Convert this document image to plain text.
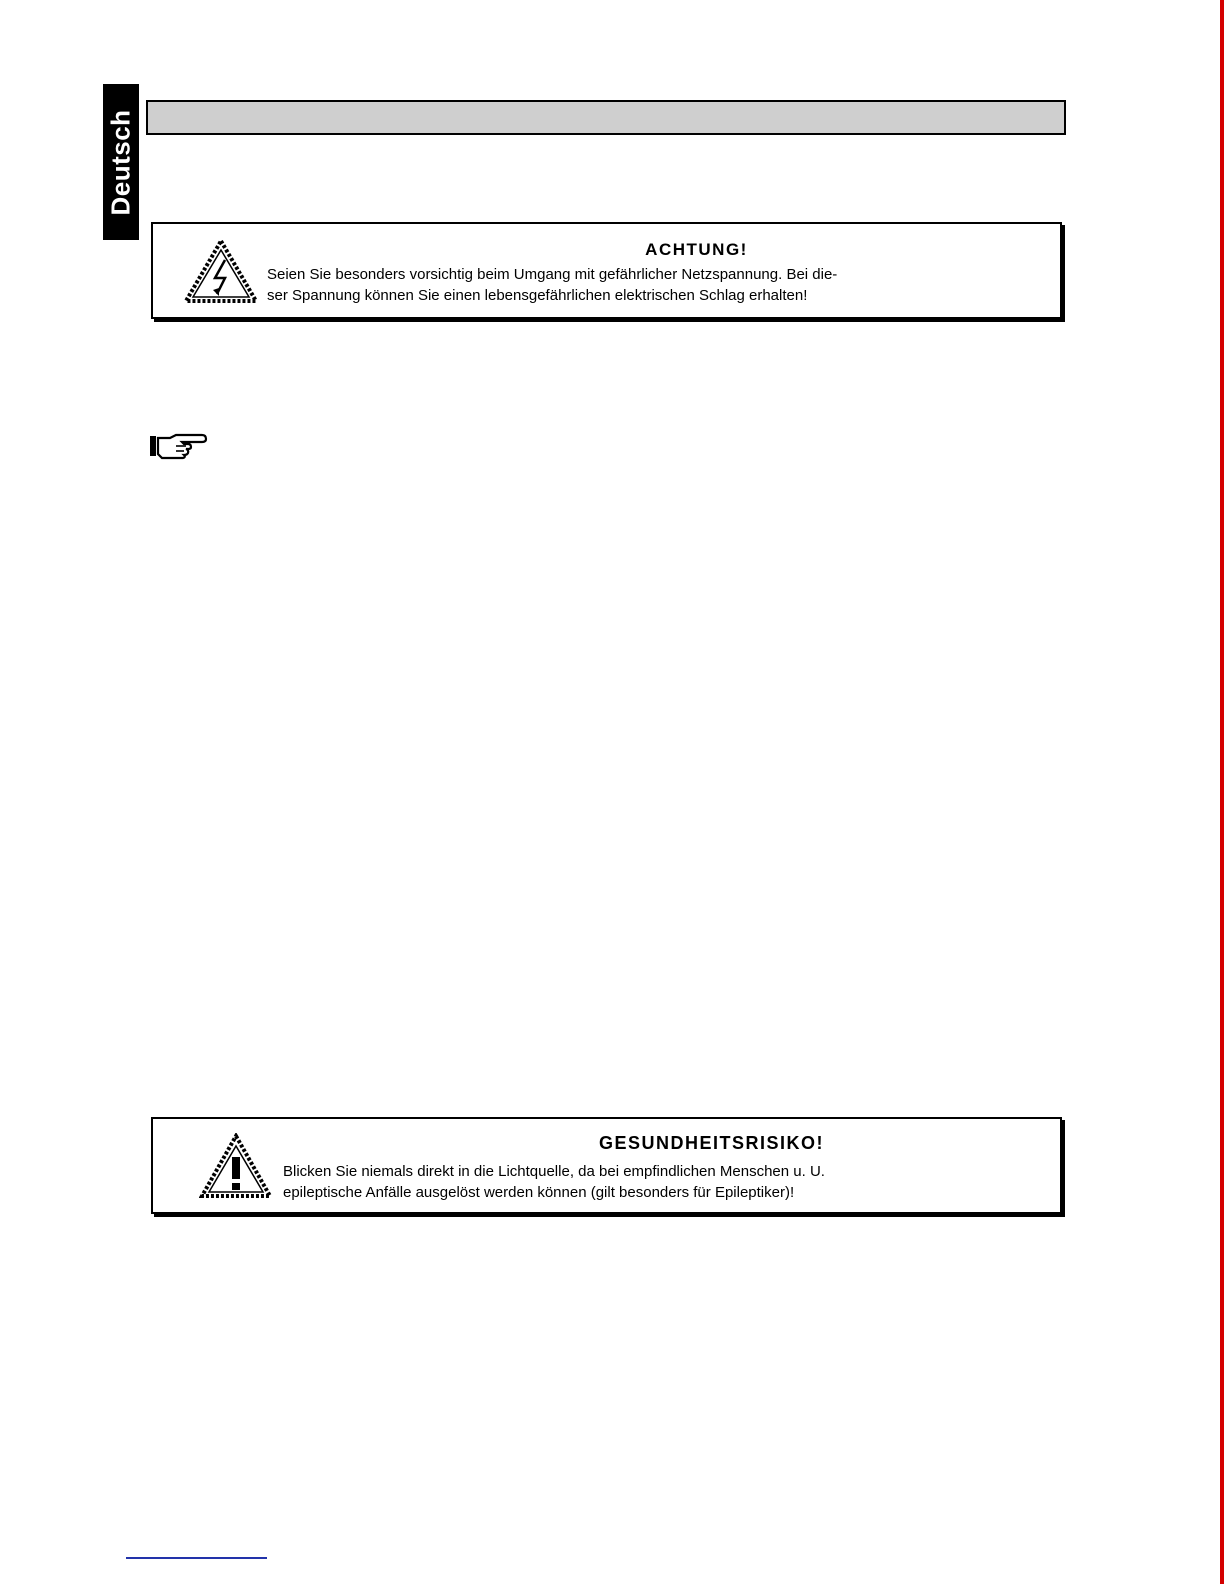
Deutsch
ACHTUNG!
Seien Sie besonders vorsichtig beim Umgang mit gefährlicher Netzspannung. Bei die-
ser Spannung können Sie einen lebensgefährlichen elektrischen Schlag erhalten!
GESUNDHEITSRISIKO!
Blicken Sie niemals direkt in die Lichtquelle, da bei empfindlichen Menschen u. U.
epileptische Anfälle ausgelöst werden können (gilt besonders für Epileptiker)!
